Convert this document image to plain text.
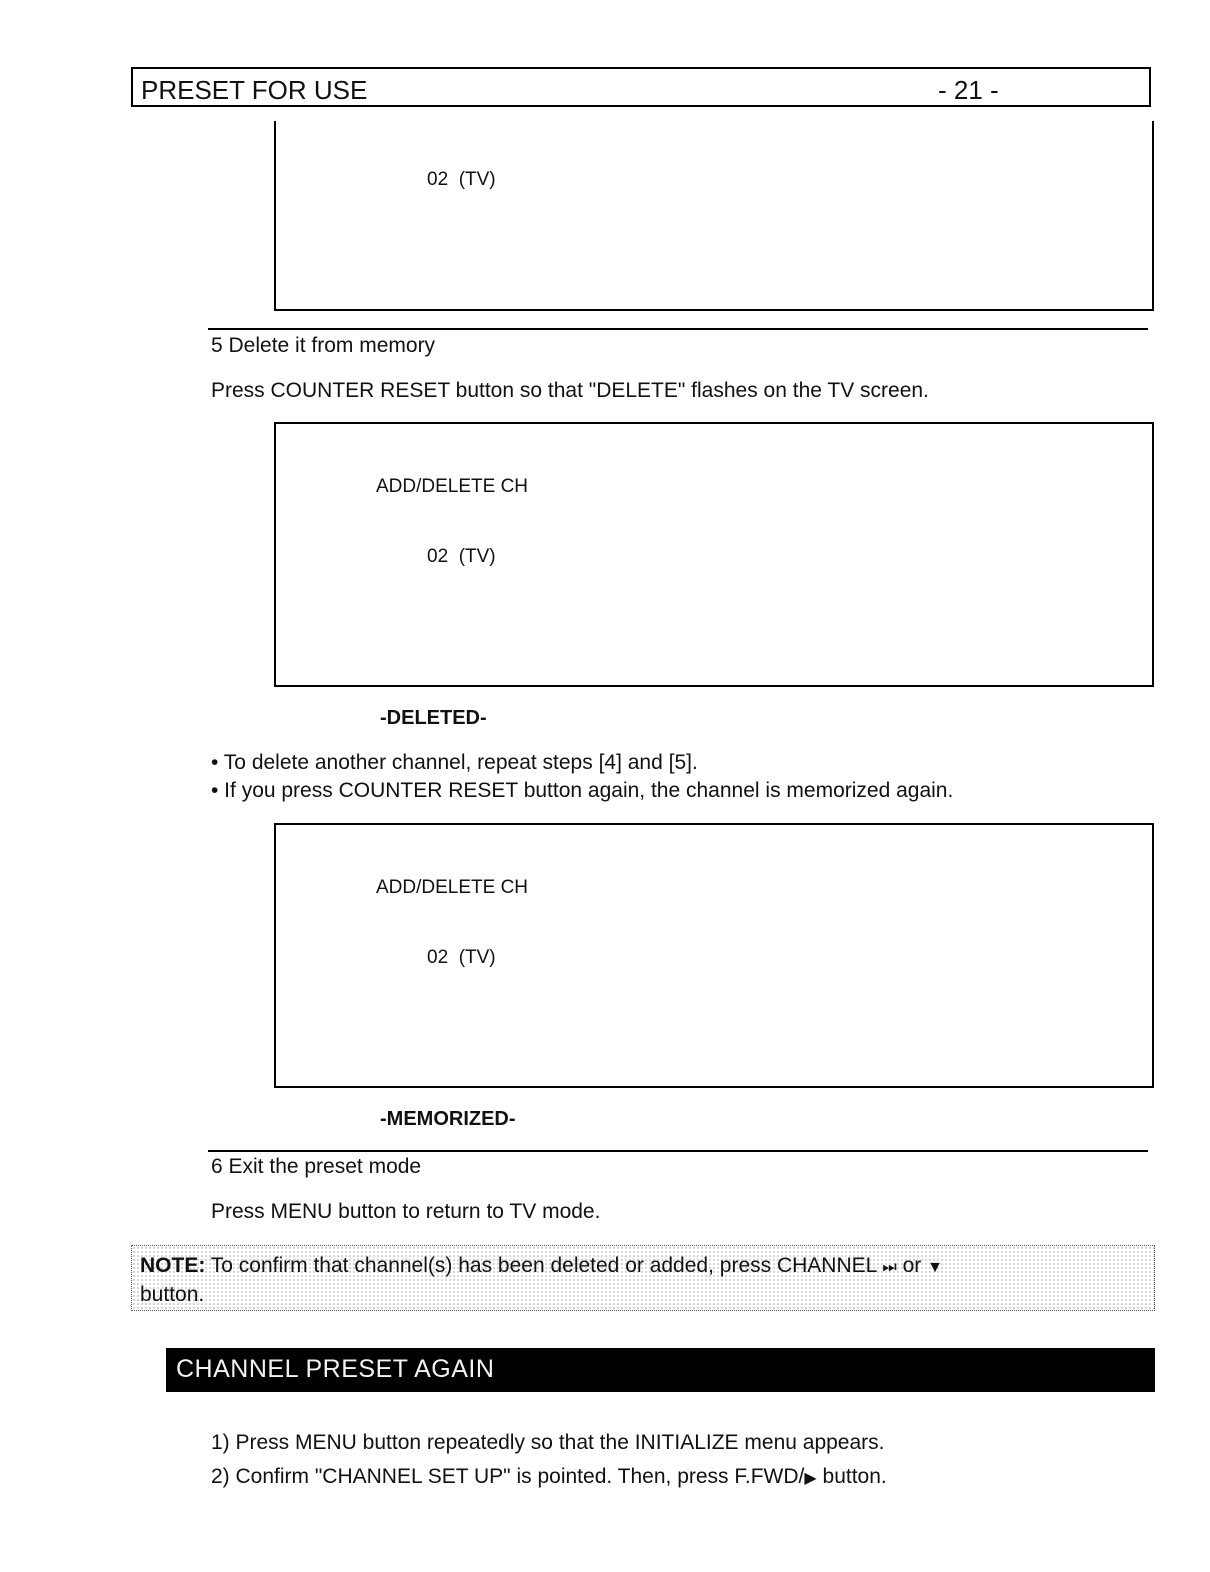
PRESET FOR USE	- 21 -
02  (TV)
5 Delete it from memory
Press COUNTER RESET button so that "DELETE" flashes on the TV screen.
ADD/DELETE CH
02  (TV)
-DELETED-
• To delete another channel, repeat steps [4] and [5].
• If you press COUNTER RESET button again, the channel is memorized again.
ADD/DELETE CH
02  (TV)
-MEMORIZED-
6 Exit the preset mode
Press MENU button to return to TV mode.
NOTE: To confirm that channel(s) has been deleted or added, press CHANNEL ⏭ or ▼
button.
CHANNEL PRESET AGAIN
1) Press MENU button repeatedly so that the INITIALIZE menu appears.
2) Confirm "CHANNEL SET UP" is pointed. Then, press F.FWD/▶ button.
